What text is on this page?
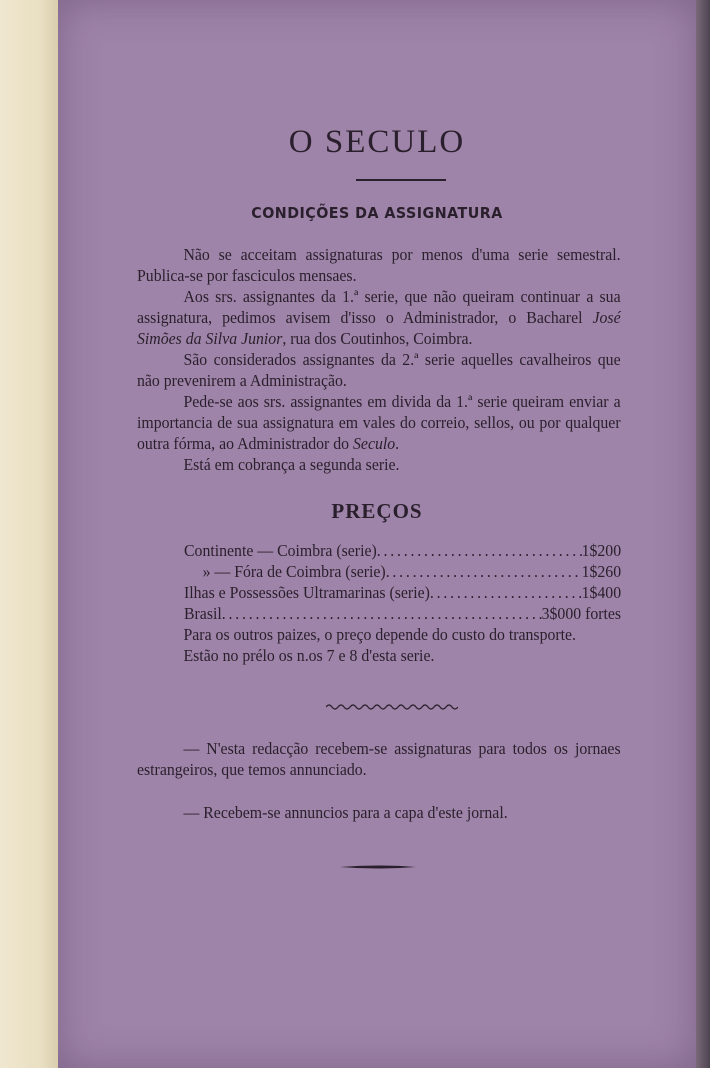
O SECULO
CONDIÇÕES DA ASSIGNATURA

Não se acceitam assignaturas por menos d'uma serie semestral. Publica-se por fasciculos mensaes.

Aos srs. assignantes da 1.ª serie, que não queiram continuar a sua assignatura, pedimos avisem d'isso o Administrador, o Bacharel José Simões da Silva Junior, rua dos Coutinhos, Coimbra.

São considerados assignantes da 2.ª serie aquelles cavalheiros que não prevenirem a Administração.

Pede-se aos srs. assignantes em divida da 1.ª serie queiram enviar a importancia de sua assignatura em vales do correio, sellos, ou por qualquer outra fórma, ao Administrador do Seculo.

Está em cobrança a segunda serie.

PREÇOS
Continente — Coimbra (serie) .....	1$200
» — Fóra de Coimbra (serie) .....	1$260
Ilhas e Possessões Ultramarinas (serie) .....	1$400
Brasil .....	3$000 fortes

Para os outros paizes, o preço depende do custo do transporte.

Estão no prélo os n.os 7 e 8 d'esta serie.

— N'esta redacção recebem-se assignaturas para todos os jornaes estrangeiros, que temos annunciado.

— Recebem-se annuncios para a capa d'este jornal.
